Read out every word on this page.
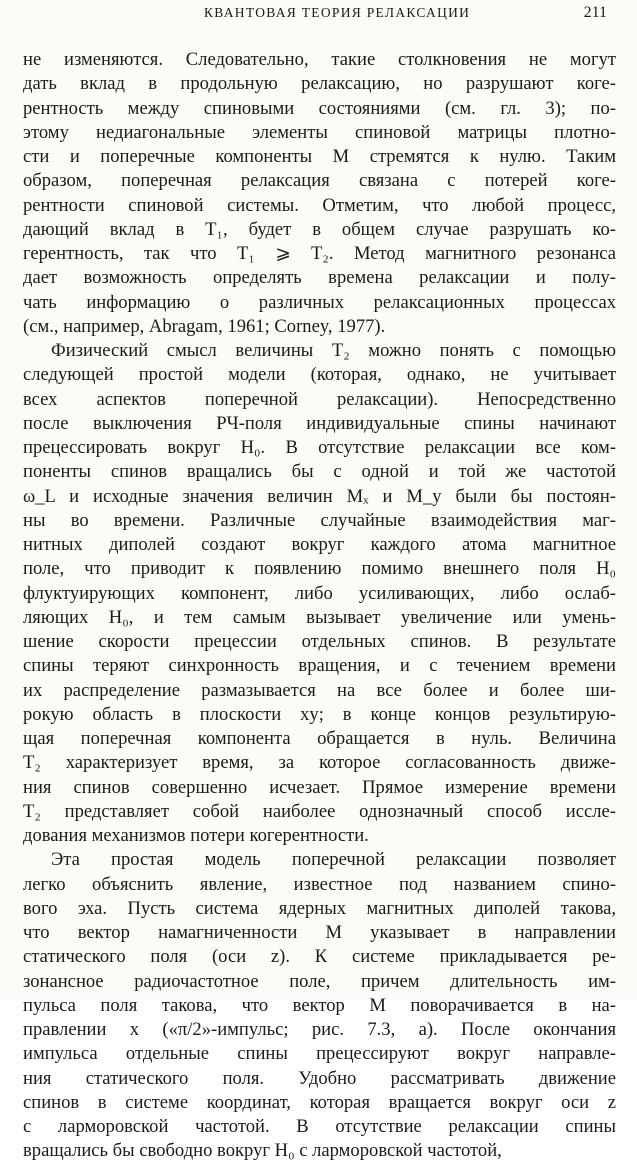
КВАНТОВАЯ ТЕОРИЯ РЕЛАКСАЦИИ	211
не изменяются. Следовательно, такие столкновения не могут
дать вклад в продольную релаксацию, но разрушают коге-
рентность между спиновыми состояниями (см. гл. 3); по-
этому недиагональные элементы спиновой матрицы плотно-
сти и поперечные компоненты M стремятся к нулю. Таким
образом, поперечная релаксация связана с потерей коге-
рентности спиновой системы. Отметим, что любой процесс,
дающий вклад в T₁, будет в общем случае разрушать ко-
герентность, так что T₁ ⩾ T₂. Метод магнитного резонанса
дает возможность определять времена релаксации и полу-
чать информацию о различных релаксационных процессах
(см., например, Abragam, 1961; Corney, 1977).
Физический смысл величины T₂ можно понять с помощью
следующей простой модели (которая, однако, не учитывает
всех аспектов поперечной релаксации). Непосредственно
после выключения РЧ-поля индивидуальные спины начинают
прецессировать вокруг H₀. В отсутствие релаксации все ком-
поненты спинов вращались бы с одной и той же частотой
ω_L и исходные значения величин Mₓ и M_y были бы постоян-
ны во времени. Различные случайные взаимодействия маг-
нитных диполей создают вокруг каждого атома магнитное
поле, что приводит к появлению помимо внешнего поля H₀
флуктуирующих компонент, либо усиливающих, либо ослаб-
ляющих H₀, и тем самым вызывает увеличение или умень-
шение скорости прецессии отдельных спинов. В результате
спины теряют синхронность вращения, и с течением времени
их распределение размазывается на все более и более ши-
рокую область в плоскости xy; в конце концов результирую-
щая поперечная компонента обращается в нуль. Величина
T₂ характеризует время, за которое согласованность движе-
ния спинов совершенно исчезает. Прямое измерение времени
T₂ представляет собой наиболее однозначный способ иссле-
дования механизмов потери когерентности.
Эта простая модель поперечной релаксации позволяет
легко объяснить явление, известное под названием спино-
вого эха. Пусть система ядерных магнитных диполей такова,
что вектор намагниченности M указывает в направлении
статического поля (оси z). К системе прикладывается ре-
зонансное радиочастотное поле, причем длительность им-
пульса поля такова, что вектор M поворачивается в на-
правлении x («π/2»-импульс; рис. 7.3, a). После окончания
импульса отдельные спины прецессируют вокруг направле-
ния статического поля. Удобно рассматривать движение
спинов в системе координат, которая вращается вокруг оси z
с ларморовской частотой. В отсутствие релаксации спины
вращались бы свободно вокруг H₀ с ларморовской частотой,
